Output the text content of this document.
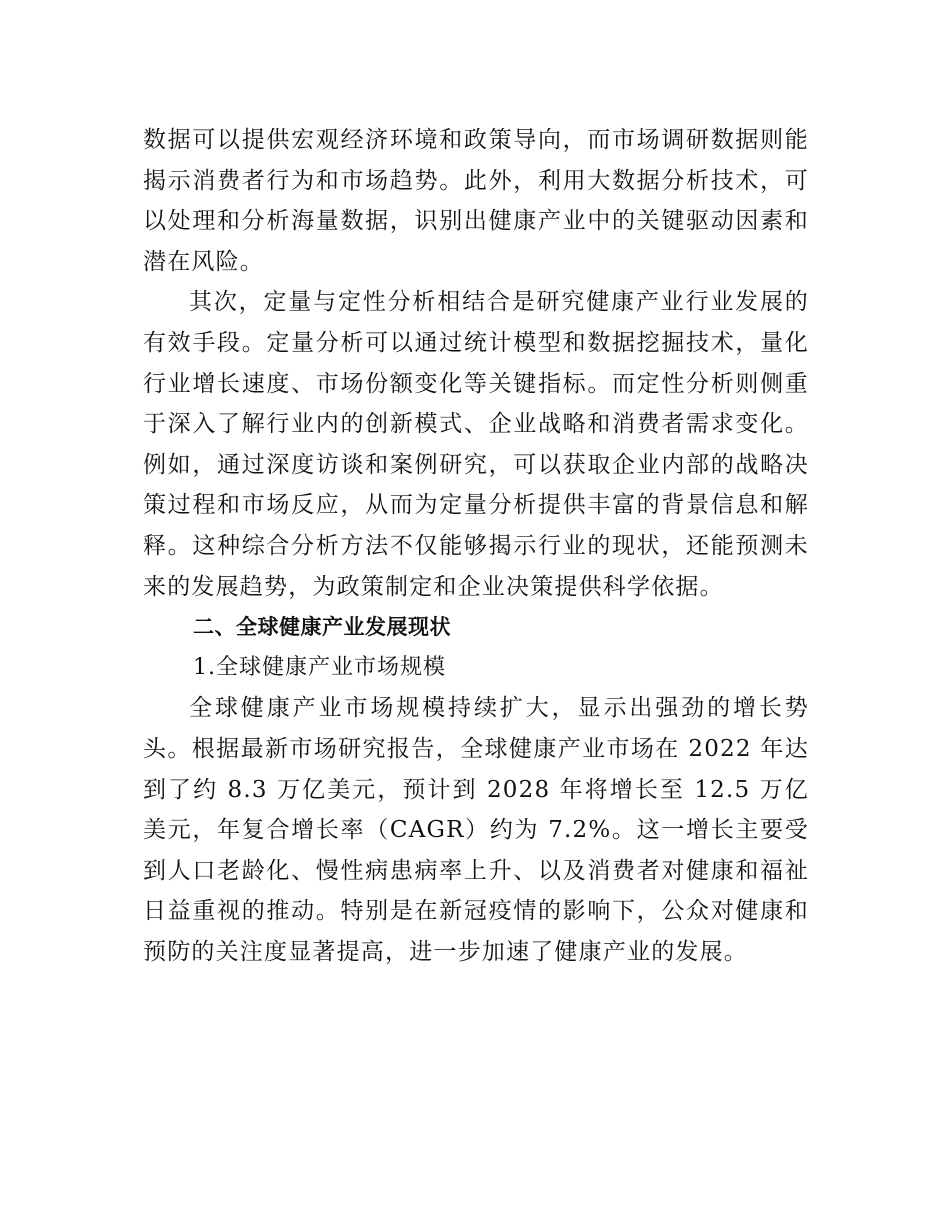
数据可以提供宏观经济环境和政策导向，而市场调研数据则能揭示消费者行为和市场趋势。此外，利用大数据分析技术，可以处理和分析海量数据，识别出健康产业中的关键驱动因素和潜在风险。

其次，定量与定性分析相结合是研究健康产业行业发展的有效手段。定量分析可以通过统计模型和数据挖掘技术，量化行业增长速度、市场份额变化等关键指标。而定性分析则侧重于深入了解行业内的创新模式、企业战略和消费者需求变化。例如，通过深度访谈和案例研究，可以获取企业内部的战略决策过程和市场反应，从而为定量分析提供丰富的背景信息和解释。这种综合分析方法不仅能够揭示行业的现状，还能预测未来的发展趋势，为政策制定和企业决策提供科学依据。

二、全球健康产业发展现状

1.全球健康产业市场规模

全球健康产业市场规模持续扩大，显示出强劲的增长势头。根据最新市场研究报告，全球健康产业市场在 2022 年达到了约 8.3 万亿美元，预计到 2028 年将增长至 12.5 万亿美元，年复合增长率（CAGR）约为 7.2%。这一增长主要受到人口老龄化、慢性病患病率上升、以及消费者对健康和福祉日益重视的推动。特别是在新冠疫情的影响下，公众对健康和预防的关注度显著提高，进一步加速了健康产业的发展。
